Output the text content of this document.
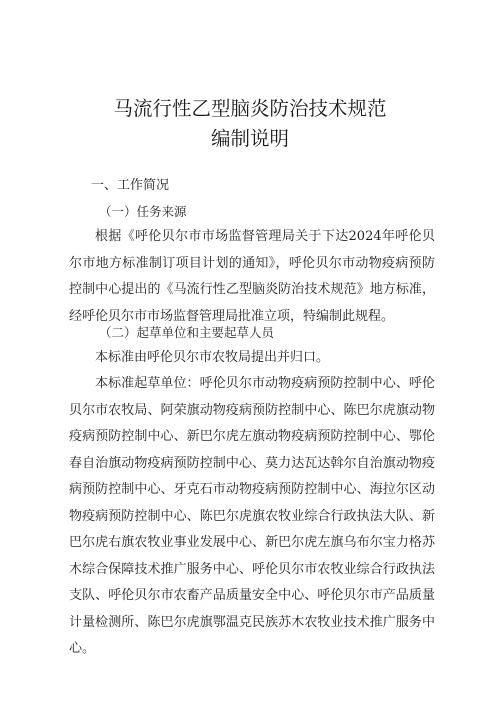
马流行性乙型脑炎防治技术规范
编制说明
一、工作简况
（一）任务来源
根据《呼伦贝尔市市场监督管理局关于下达2024年呼伦贝尔市地方标准制订项目计划的通知》，呼伦贝尔市动物疫病预防控制中心提出的《马流行性乙型脑炎防治技术规范》地方标准，经呼伦贝尔市市场监督管理局批准立项，特编制此规程。
（二）起草单位和主要起草人员
本标准由呼伦贝尔市农牧局提出并归口。
本标准起草单位：呼伦贝尔市动物疫病预防控制中心、呼伦贝尔市农牧局、阿荣旗动物疫病预防控制中心、陈巴尔虎旗动物疫病预防控制中心、新巴尔虎左旗动物疫病预防控制中心、鄂伦春自治旗动物疫病预防控制中心、莫力达瓦达斡尔自治旗动物疫病预防控制中心、牙克石市动物疫病预防控制中心、海拉尔区动物疫病预防控制中心、陈巴尔虎旗农牧业综合行政执法大队、新巴尔虎右旗农牧业事业发展中心、新巴尔虎左旗乌布尔宝力格苏木综合保障技术推广服务中心、呼伦贝尔市农牧业综合行政执法支队、呼伦贝尔市农畜产品质量安全中心、呼伦贝尔市产品质量计量检测所、陈巴尔虎旗鄂温克民族苏木农牧业技术推广服务中心。
